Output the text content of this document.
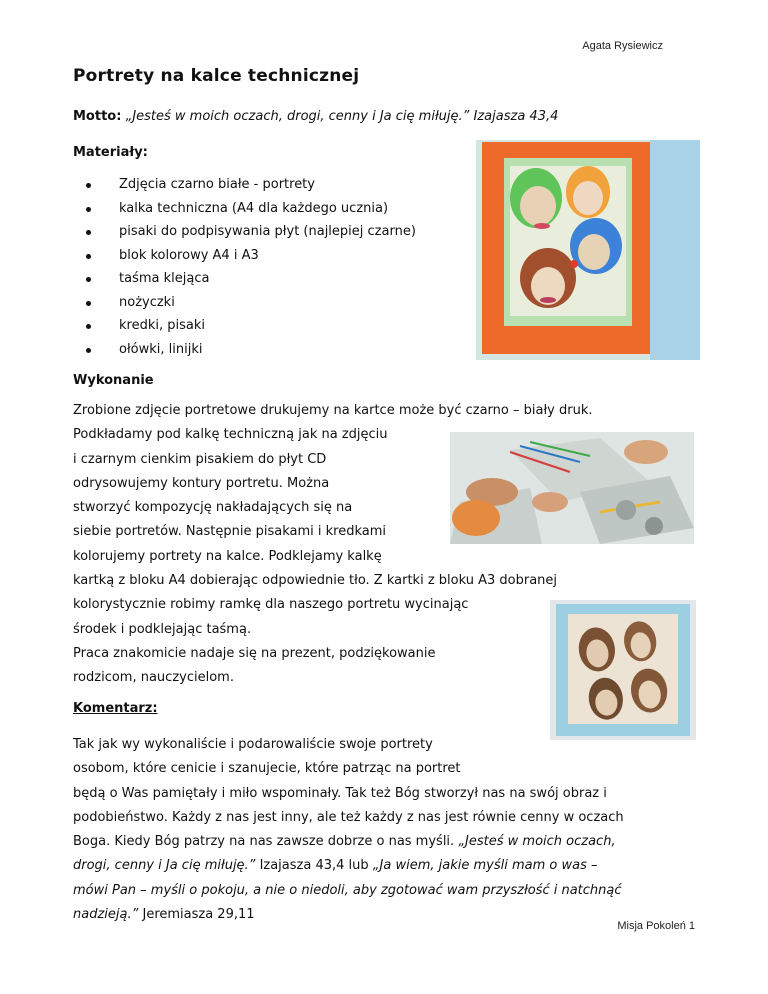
Agata Rysiewicz
Portrety na kalce technicznej
Motto: „Jesteś w moich oczach, drogi, cenny i Ja cię miłuję.” Izajasza 43,4
Materiały:
Zdjęcia czarno białe - portrety
kalka techniczna (A4 dla każdego ucznia)
pisaki do podpisywania płyt (najlepiej czarne)
blok kolorowy A4 i A3
taśma klejąca
nożyczki
kredki, pisaki
ołówki, linijki
Wykonanie
Zrobione zdjęcie portretowe drukujemy na kartce może być czarno – biały druk.
Podkładamy pod kalkę techniczną jak na zdjęciu
i czarnym cienkim pisakiem do płyt CD
odrysowujemy kontury portretu. Można
stworzyć kompozycję nakładających się na
siebie portretów. Następnie pisakami i kredkami
kolorujemy portrety na kalce. Podklejamy kalkę
kartką z bloku A4 dobierając odpowiednie tło. Z kartki z bloku A3 dobranej
kolorystycznie robimy ramkę dla naszego portretu wycinając
środek i podklejając taśmą.
Praca znakomicie nadaje się na prezent, podziękowanie
rodzicom, nauczycielom.
Komentarz:
Tak jak wy wykonaliście i podarowaliście swoje portrety
osobom, które cenicie i szanujecie, które patrząc na portret
będą o Was pamiętały i miło wspominały. Tak też Bóg stworzył nas na swój obraz i
podobieństwo. Każdy z nas jest inny, ale też każdy z nas jest równie cenny w oczach
Boga. Kiedy Bóg patrzy na nas zawsze dobrze o nas myśli. „Jesteś w moich oczach,
drogi, cenny i Ja cię miłuję.” Izajasza 43,4 lub „Ja wiem, jakie myśli mam o was –
mówi Pan – myśli o pokoju, a nie o niedoli, aby zgotować wam przyszłość i natchnąć
nadzieją.” Jeremiasza 29,11
Misja Pokoleń 1
